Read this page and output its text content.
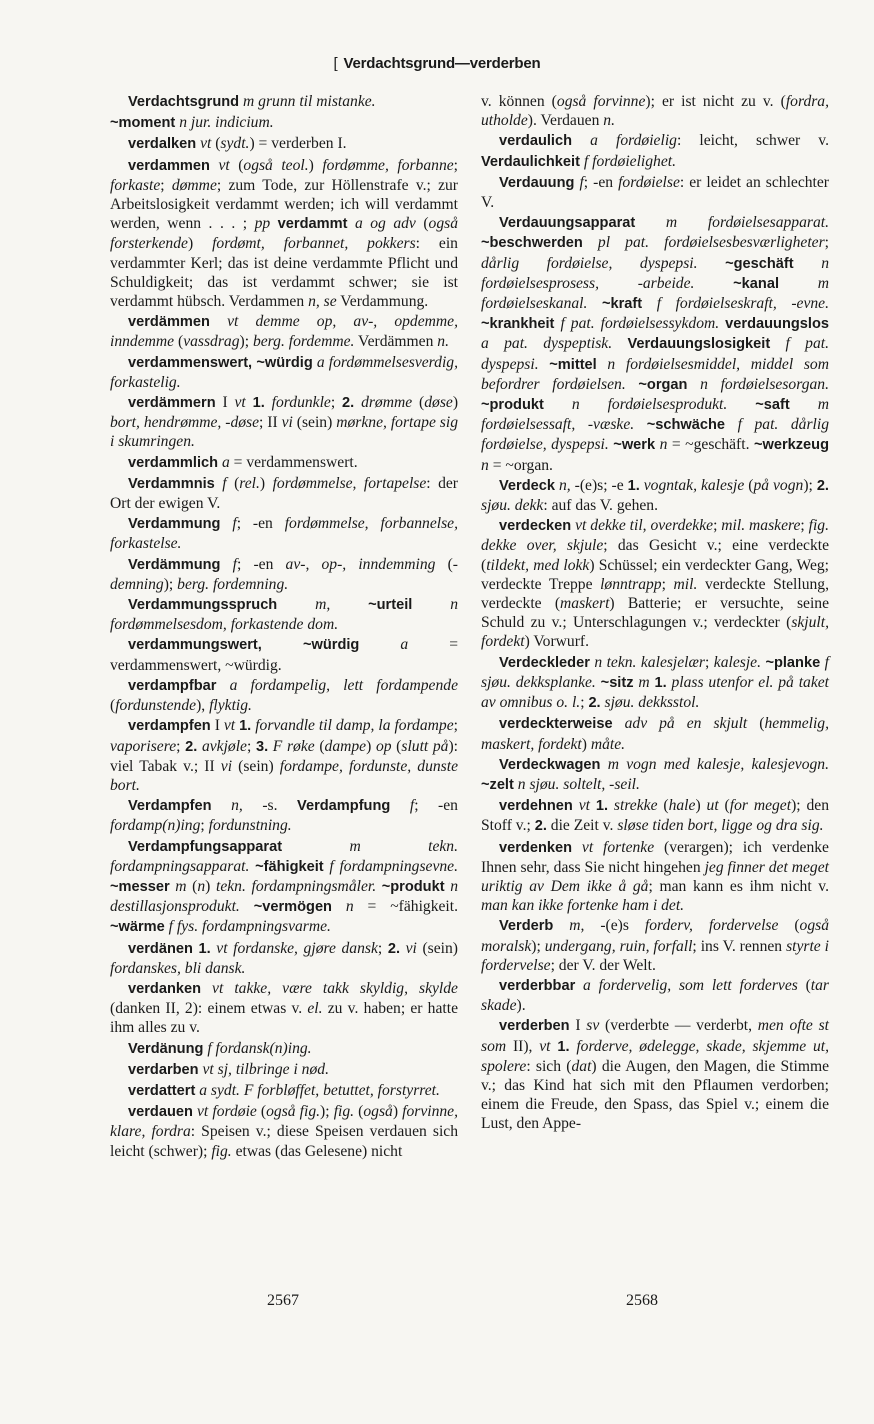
[ Verdachtsgrund—verderben
Verdachtsgrund m grunn til mistanke.
~moment n jur. indicium.
verdalken vt (sydt.) = verderben I.
verdammen vt (også teol.) fordømme, forbanne; forkaste; dømme; zum Tode, zur Höllenstrafe v.; zur Arbeitslosigkeit verdammt werden; ich will verdammt werden, wenn . . . ; pp verdammt a og adv (også forsterkende) fordømt, forbannet, pokkers: ein verdammter Kerl; das ist deine verdammte Pflicht und Schuldigkeit; das ist verdammt schwer; sie ist verdammt hübsch. Verdammen n, se Verdammung.
verdämmen vt demme op, av-, opdemme, inndemme (vassdrag); berg. fordemme. Verdämmen n.
verdammenswert, ~würdig a fordømmelsesverdig, forkastelig.
verdämmern I vt 1. fordunkle; 2. drømme (døse) bort, hendrømme, -døse; II vi (sein) mørkne, fortape sig i skumringen.
verdammlich a = verdammenswert.
Verdammnis f (rel.) fordømmelse, fortapelse: der Ort der ewigen V.
Verdammung f; -en fordømmelse, forbannelse, forkastelse.
Verdämmung f; -en av-, op-, inndemming (-demning); berg. fordemning.
Verdammungsspruch m,	~urteil n fordømmelsesdom, forkastende dom.
verdammungswert, ~würdig	a = verdammenswert, ~würdig.
verdampfbar a fordampelig, lett fordampende (fordunstende), flyktig.
verdampfen I vt 1. forvandle til damp, la fordampe; vaporisere; 2. avkjøle; 3. F røke (dampe) op (slutt på): viel Tabak v.; II vi (sein) fordampe, fordunste, dunste bort.
Verdampfen n, -s. Verdampfung f; -en fordamp(n)ing; fordunstning.
Verdampfungsapparat	m tekn. fordampningsapparat. ~fähigkeit f fordampningsevne. ~messer m (n) tekn. fordampningsmåler. ~produkt n destillasjonsprodukt. ~vermögen n = ~fähigkeit. ~wärme f fys. fordampningsvarme.
verdänen 1. vt fordanske, gjøre dansk; 2. vi (sein) fordanskes, bli dansk.
verdanken vt takke, være takk skyldig, skylde (danken II, 2): einem etwas v. el. zu v. haben; er hatte ihm alles zu v.
Verdänung f fordansk(n)ing.
verdarben vt sj, tilbringe i nød.
verdattert a sydt. F forbløffet, betuttet, forstyrret.
verdauen vt fordøie (også fig.); fig. (også) forvinne, klare, fordra: Speisen v.; diese Speisen verdauen sich leicht (schwer); fig. etwas (das Gelesene) nicht
v. können (også forvinne); er ist nicht zu v. (fordra, utholde). Verdauen n.
verdaulich a fordøielig: leicht, schwer v. Verdaulichkeit f fordøielighet.
Verdauung f; -en fordøielse: er leidet an schlechter V.
Verdauungsapparat m fordøielsesapparat. ~beschwerden pl pat. fordøielsesbesværligheter; dårlig fordøielse, dyspepsi. ~geschäft n fordøielsesprosess, -arbeide.	~kanal m fordøielseskanal. ~kraft f fordøielseskraft, -evne. ~krankheit f pat. fordøielsessykdom. verdauungslos a pat. dyspeptisk. Verdauungslosigkeit f pat. dyspepsi. ~mittel n fordøielsesmiddel, middel som befordrer fordøielsen. ~organ n fordøielsesorgan. ~produkt n fordøielsesprodukt. ~saft m fordøielsessaft, -væske. ~schwäche f pat. dårlig fordøielse, dyspepsi. ~werk n = ~geschäft. ~werkzeug n = ~organ.
Verdeck n, -(e)s; -e 1. vogntak, kalesje (på vogn); 2. sjøu. dekk: auf das V. gehen.
verdecken vt dekke til, overdekke; mil. maskere; fig. dekke over, skjule; das Gesicht v.; eine verdeckte (tildekt, med lokk) Schüssel; ein verdeckter Gang, Weg; verdeckte Treppe lønntrapp; mil. verdeckte Stellung, verdeckte (maskert) Batterie; er versuchte, seine Schuld zu v.; Unterschlagungen v.; verdeckter (skjult, fordekt) Vorwurf.
Verdeckleder n tekn. kalesjelær; kalesje. ~planke f sjøu. dekksplanke. ~sitz m 1. plass utenfor el. på taket av omnibus o. l.; 2. sjøu. dekksstol.
verdeckterweise adv på en skjult (hemmelig, maskert, fordekt) måte.
Verdeckwagen m vogn med kalesje, kalesjevogn. ~zelt n sjøu. soltelt, -seil.
verdehnen vt 1. strekke (hale) ut (for meget); den Stoff v.; 2. die Zeit v. sløse tiden bort, ligge og dra sig.
verdenken vt fortenke (verargen); ich verdenke Ihnen sehr, dass Sie nicht hingehen jeg finner det meget uriktig av Dem ikke å gå; man kann es ihm nicht v. man kan ikke fortenke ham i det.
Verderb m, -(e)s forderv, fordervelse (også moralsk); undergang, ruin, forfall; ins V. rennen styrte i fordervelse; der V. der Welt.
verderbbar a fordervelig, som lett forderves (tar skade).
verderben I sv (verderbte — verderbt, men ofte st som II), vt 1. forderve, ødelegge, skade, skjemme ut, spolere: sich (dat) die Augen, den Magen, die Stimme v.; das Kind hat sich mit den Pflaumen verdorben; einem die Freude, den Spass, das Spiel v.; einem die Lust, den Appe-
2567	2568
